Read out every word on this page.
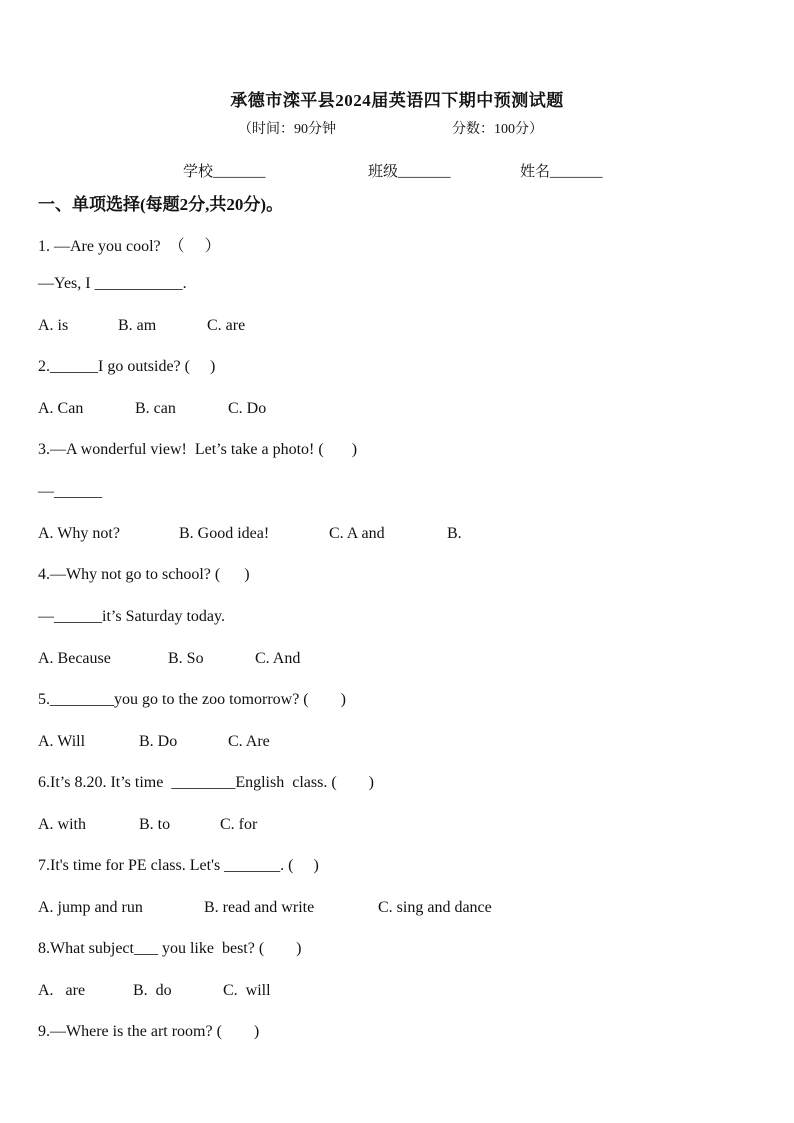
承德市滦平县2024届英语四下期中预测试题
（时间：90分钟	分数：100分）
学校_______	班级_______	姓名_______
一、单项选择(每题2分,共20分)。
1. —Are you cool?  （     ）
—Yes, I ___________.
A. is	B. am	C. are
2.______I go outside? (     )
A. Can	B. can	C. Do
3.—A wonderful view!  Let’s take a photo! (       )
—______
A. Why not?	B. Good idea!	C. A and	B.
4.—Why not go to school? (      )
—______it’s Saturday today.
A. Because	B. So	C. And
5.________you go to the zoo tomorrow? (        )
A. Will	B. Do	C. Are
6.It’s 8.20. It’s time  ________English  class. (        )
A. with	B. to	C. for
7.It's time for PE class. Let's _______. (     )
A. jump and run	B. read and write	C. sing and dance
8.What subject___ you like  best? (        )
A.   are	B.  do	C.  will
9.—Where is the art room? (        )
